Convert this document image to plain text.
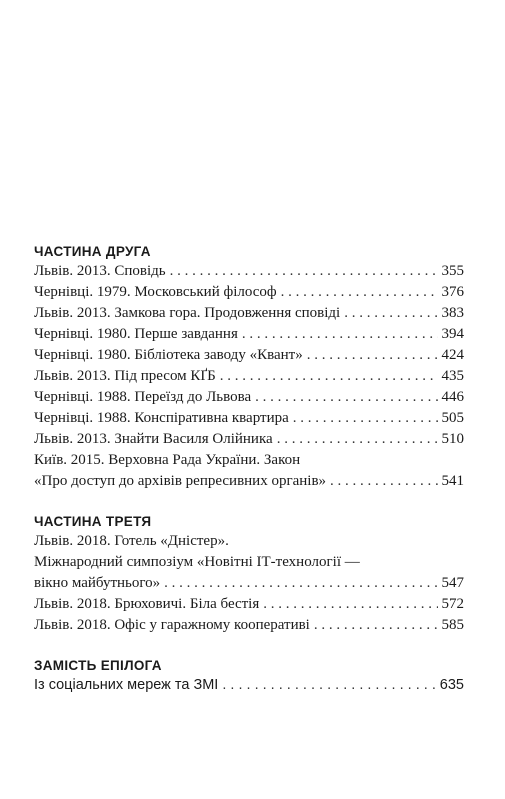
ЧАСТИНА ДРУГА
Львів. 2013. Сповідь . . .	355
Чернівці. 1979. Московський філософ . . .	376
Львів. 2013. Замкова гора. Продовження сповіді . . .	383
Чернівці. 1980. Перше завдання . . .	394
Чернівці. 1980. Бібліотека заводу «Квант» . . .	424
Львів. 2013. Під пресом КҐБ . . .	435
Чернівці. 1988. Переїзд до Львова . . .	446
Чернівці. 1988. Конспіративна квартира . . .	505
Львів. 2013. Знайти Василя Олійника . . .	510
Київ. 2015. Верховна Рада України. Закон
«Про доступ до архівів репресивних органів» . . .	541
ЧАСТИНА ТРЕТЯ
Львів. 2018. Готель «Дністер».
Міжнародний симпозіум «Новітні ІТ-технології —
вікно майбутнього» . . .	547
Львів. 2018. Брюховичі. Біла бестія . . .	572
Львів. 2018. Офіс у гаражному кооперативі . . .	585
ЗАМІСТЬ ЕПІЛОГА
Із соціальних мереж та ЗМІ . . .	635
